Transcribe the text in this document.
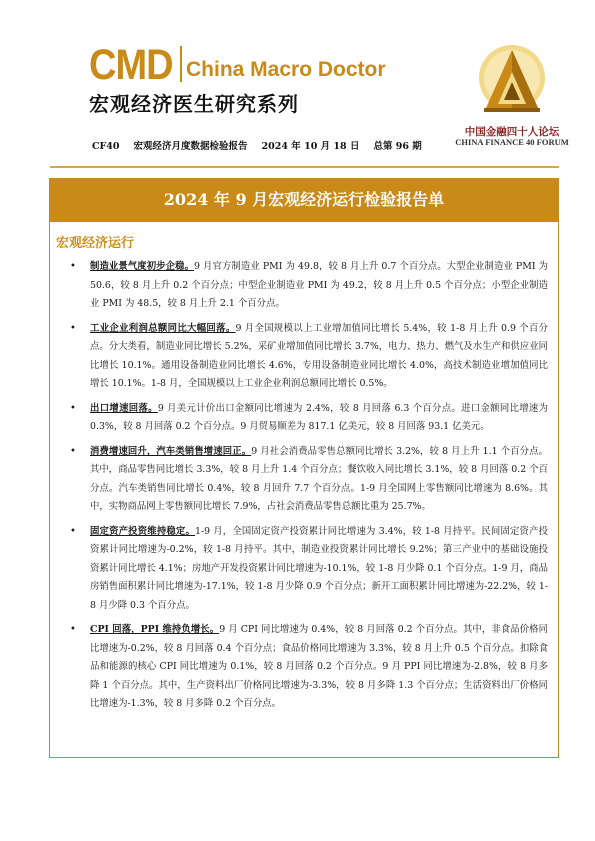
CMD China Macro Doctor
宏观经济医生研究系列
中国金融四十人论坛
CHINA FINANCE 40 FORUM
CF40 宏观经济月度数据检验报告 2024 年 10 月 18 日 总第 96 期
2024 年 9 月宏观经济运行检验报告单
宏观经济运行
• 制造业景气度初步企稳。9 月官方制造业 PMI 为 49.8，较 8 月上升 0.7 个百分点。大型企业制造业 PMI 为 50.6，较 8 月上升 0.2 个百分点；中型企业制造业 PMI 为 49.2，较 8 月上升 0.5 个百分点；小型企业制造业 PMI 为 48.5，较 8 月上升 2.1 个百分点。
• 工业企业利润总额同比大幅回落。9 月全国规模以上工业增加值同比增长 5.4%，较 1-8 月上升 0.9 个百分点。分大类看，制造业同比增长 5.2%，采矿业增加值同比增长 3.7%，电力、热力、燃气及水生产和供应业同比增长 10.1%。通用设备制造业同比增长 4.6%，专用设备制造业同比增长 4.0%，高技术制造业增加值同比增长 10.1%。1-8 月，全国规模以上工业企业利润总额同比增长 0.5%。
• 出口增速回落。9 月美元计价出口金额同比增速为 2.4%，较 8 月回落 6.3 个百分点。进口金额同比增速为 0.3%，较 8 月回落 0.2 个百分点。9 月贸易顺差为 817.1 亿美元，较 8 月回落 93.1 亿美元。
• 消费增速回升，汽车类销售增速回正。9 月社会消费品零售总额同比增长 3.2%，较 8 月上升 1.1 个百分点。其中，商品零售同比增长 3.3%，较 8 月上升 1.4 个百分点；餐饮收入同比增长 3.1%，较 8 月回落 0.2 个百分点。汽车类销售同比增长 0.4%，较 8 月回升 7.7 个百分点。1-9 月全国网上零售额同比增速为 8.6%。其中，实物商品网上零售额同比增长 7.9%，占社会消费品零售总额比重为 25.7%。
• 固定资产投资维持稳定。1-9 月，全国固定资产投资累计同比增速为 3.4%，较 1-8 月持平。民间固定资产投资累计同比增速为-0.2%，较 1-8 月持平。其中，制造业投资累计同比增长 9.2%；第三产业中的基础设施投资累计同比增长 4.1%；房地产开发投资累计同比增速为-10.1%，较 1-8 月少降 0.1 个百分点。1-9 月，商品房销售面积累计同比增速为-17.1%，较 1-8 月少降 0.9 个百分点；新开工面积累计同比增速为-22.2%，较 1-8 月少降 0.3 个百分点。
• CPI 回落，PPI 维持负增长。9 月 CPI 同比增速为 0.4%，较 8 月回落 0.2 个百分点。其中，非食品价格同比增速为-0.2%，较 8 月回落 0.4 个百分点；食品价格同比增速为 3.3%，较 8 月上升 0.5 个百分点。扣除食品和能源的核心 CPI 同比增速为 0.1%，较 8 月回落 0.2 个百分点。9 月 PPI 同比增速为-2.8%，较 8 月多降 1 个百分点。其中，生产资料出厂价格同比增速为-3.3%，较 8 月多降 1.3 个百分点；生活资料出厂价格同比增速为-1.3%，较 8 月多降 0.2 个百分点。
